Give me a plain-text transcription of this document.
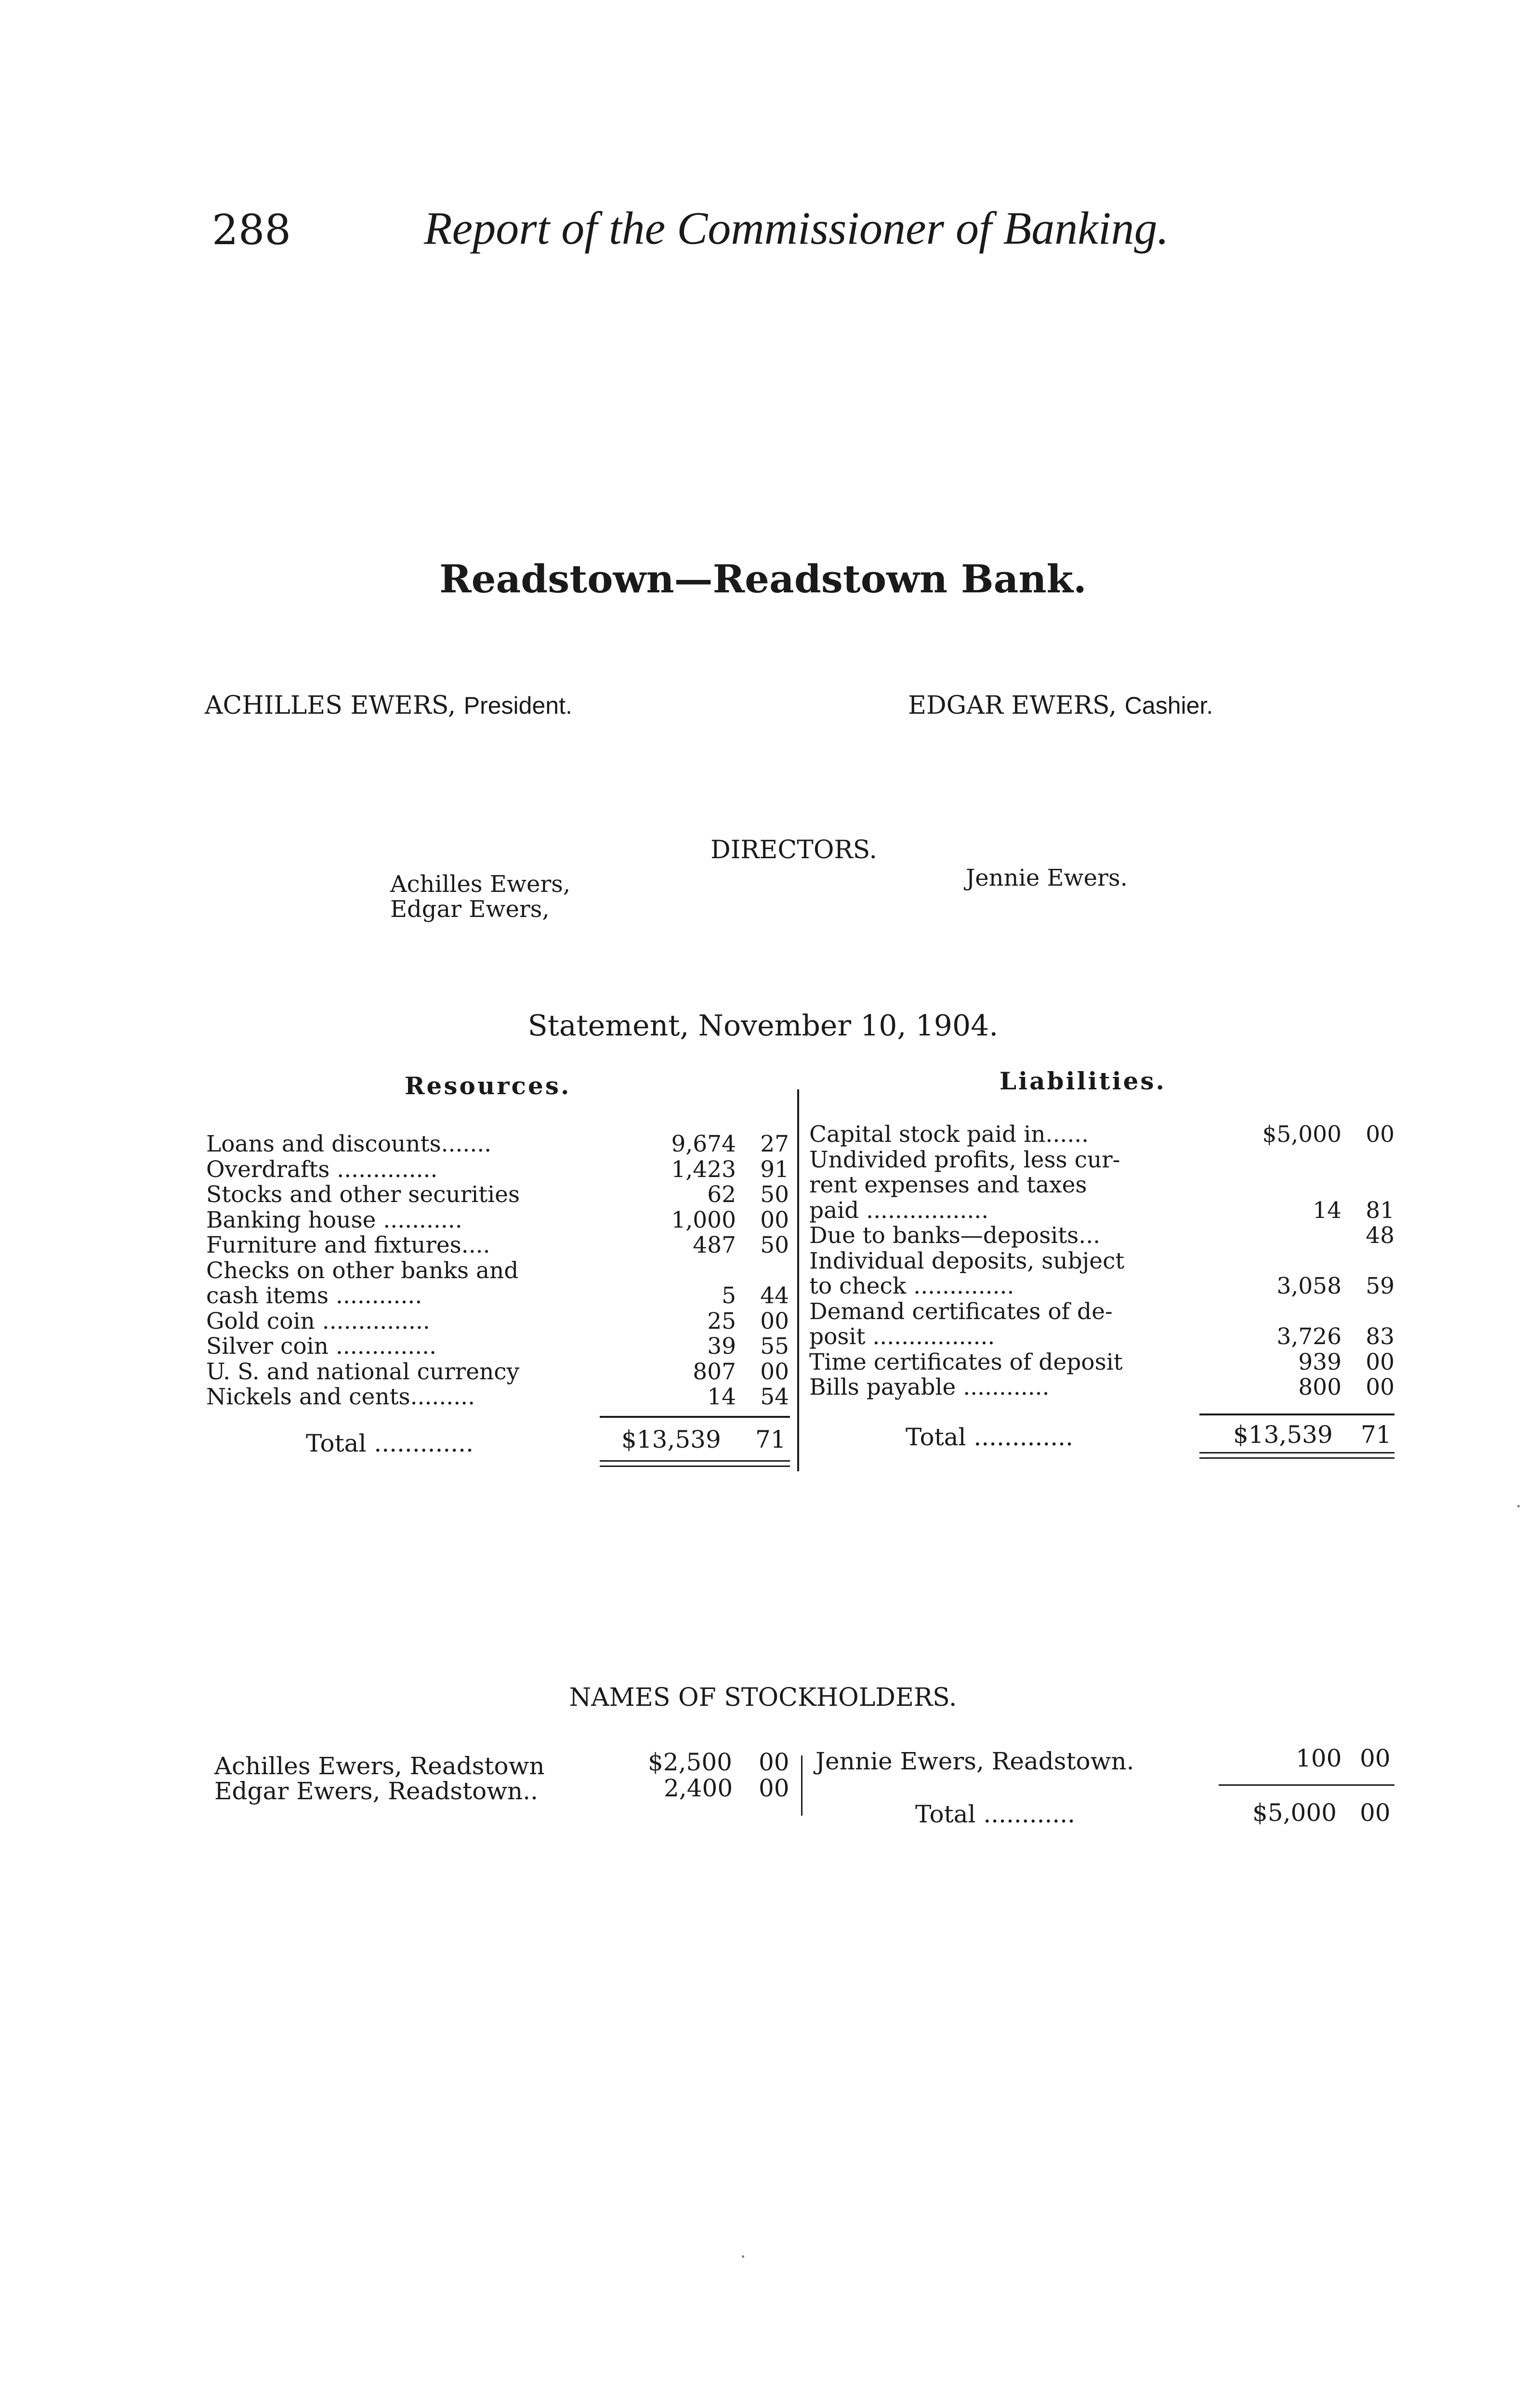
288	Report of the Commissioner of Banking.
Readstown—Readstown Bank.
ACHILLES EWERS, President.	EDGAR EWERS, Cashier.
DIRECTORS.
Achilles Ewers,
Edgar Ewers,
Jennie Ewers.
Statement, November 10, 1904.
Resources.	Liabilities.
Loans and discounts.......	9,674 27
Overdrafts ..............	1,423 91
Stocks and other securities	62 50
Banking house ...........	1,000 00
Furniture and fixtures....	487 50
Checks on other banks and
cash items ............	5 44
Gold coin ...............	25 00
Silver coin ..............	39 55
U. S. and national currency	807 00
Nickels and cents.........	14 54
Capital stock paid in......	$5,000 00
Undivided profits, less cur-
rent expenses and taxes
paid .................	14 81
Due to banks—deposits...	48
Individual deposits, subject
to check ..............	3,058 59
Demand certificates of de-
posit .................	3,726 83
Time certificates of deposit	939 00
Bills payable ............	800 00
Total .............	$13,539 71	Total .............	$13,539 71
NAMES OF STOCKHOLDERS.
Achilles Ewers, Readstown	$2,500 00
Edgar Ewers, Readstown..	2,400 00
Jennie Ewers, Readstown.	100 00
Total ............	$5,000 00
